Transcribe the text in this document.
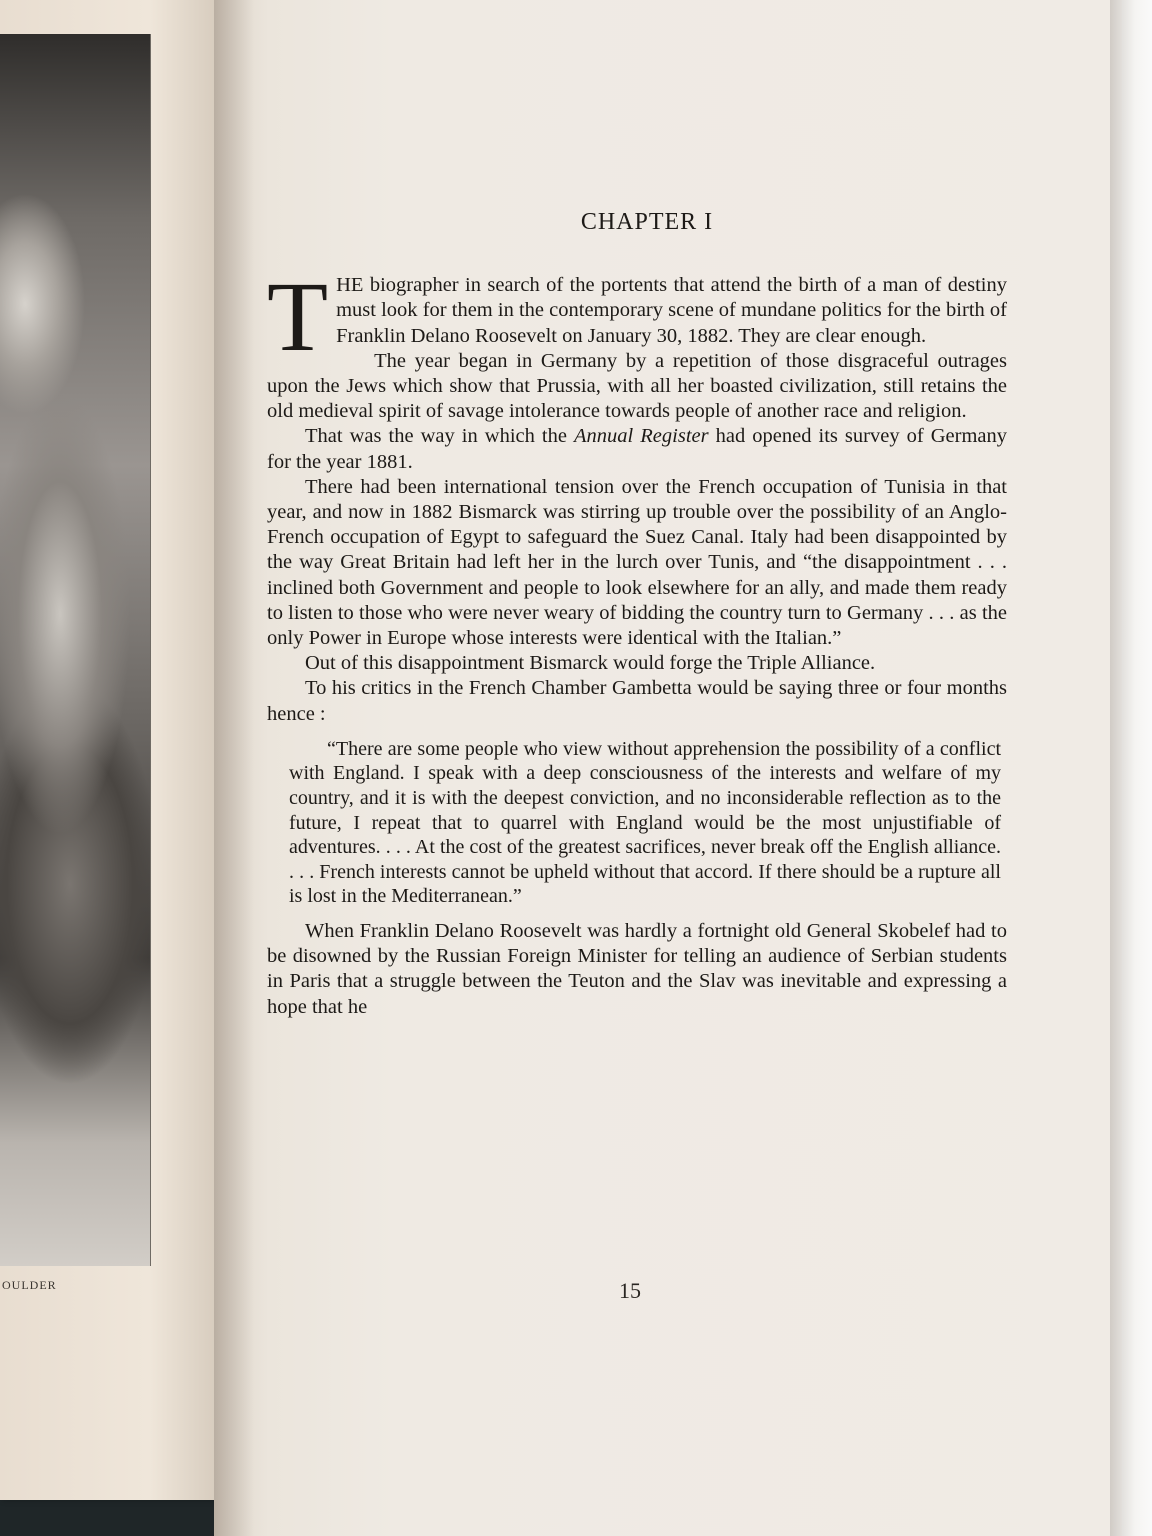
OULDER
CHAPTER I

THE biographer in search of the portents that attend the birth of a man of destiny must look for them in the contemporary scene of mundane politics for the birth of Franklin Delano Roosevelt on January 30, 1882. They are clear enough.

The year began in Germany by a repetition of those disgraceful outrages upon the Jews which show that Prussia, with all her boasted civilization, still retains the old medieval spirit of savage intolerance towards people of another race and religion.

That was the way in which the Annual Register had opened its survey of Germany for the year 1881.

There had been international tension over the French occupation of Tunisia in that year, and now in 1882 Bismarck was stirring up trouble over the possibility of an Anglo-French occupation of Egypt to safeguard the Suez Canal. Italy had been disappointed by the way Great Britain had left her in the lurch over Tunis, and “the disappointment . . . inclined both Government and people to look elsewhere for an ally, and made them ready to listen to those who were never weary of bidding the country turn to Germany . . . as the only Power in Europe whose interests were identical with the Italian.”

Out of this disappointment Bismarck would forge the Triple Alliance.

To his critics in the French Chamber Gambetta would be saying three or four months hence :

“There are some people who view without apprehension the possibility of a conflict with England. I speak with a deep consciousness of the interests and welfare of my country, and it is with the deepest conviction, and no inconsiderable reflection as to the future, I repeat that to quarrel with England would be the most unjustifiable of adventures. . . . At the cost of the greatest sacrifices, never break off the English alliance. . . . French interests cannot be upheld without that accord. If there should be a rupture all is lost in the Mediterranean.”

When Franklin Delano Roosevelt was hardly a fortnight old General Skobelef had to be disowned by the Russian Foreign Minister for telling an audience of Serbian students in Paris that a struggle between the Teuton and the Slav was inevitable and expressing a hope that he

15
